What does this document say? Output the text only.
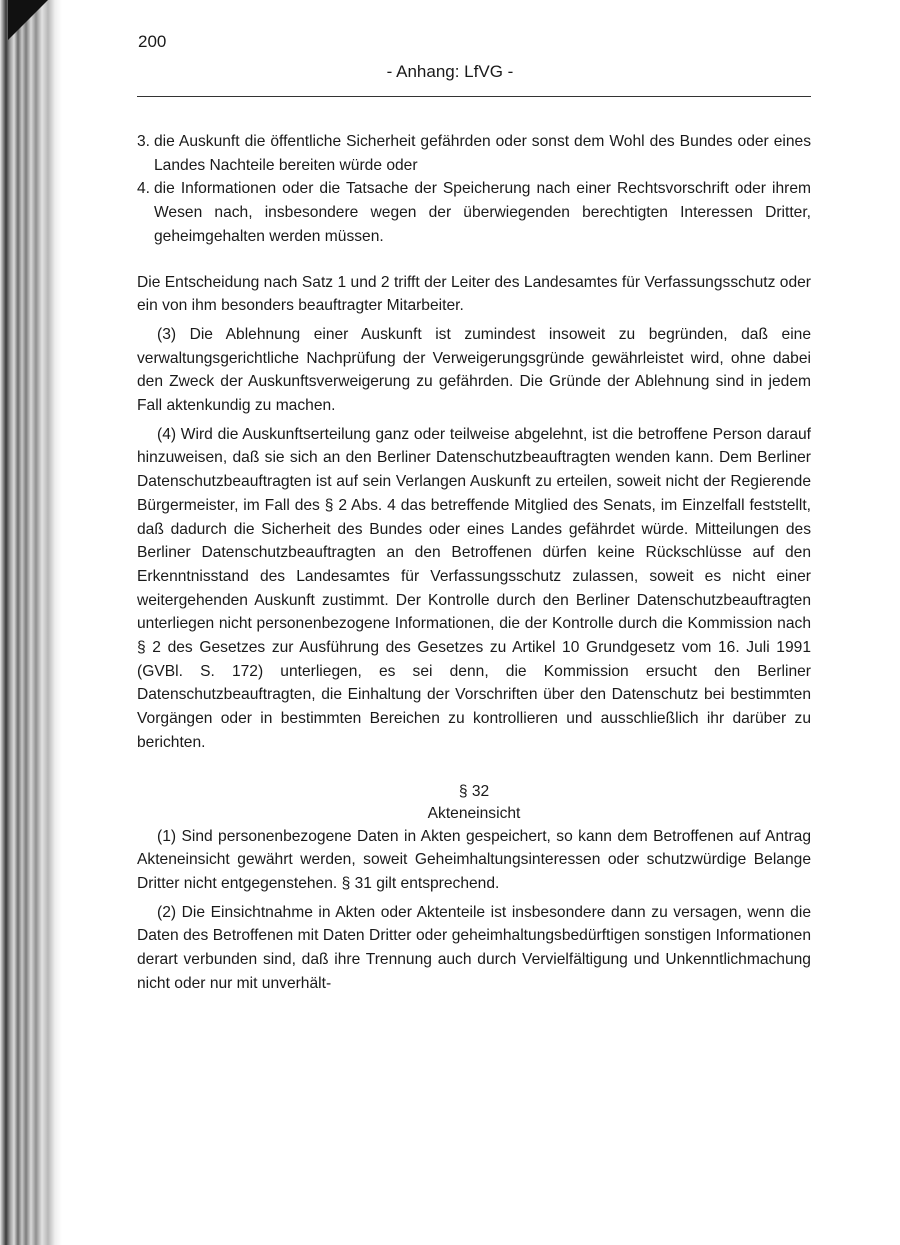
200
- Anhang: LfVG -

3. die Auskunft die öffentliche Sicherheit gefährden oder sonst dem Wohl des Bundes oder eines Landes Nachteile bereiten würde oder

4. die Informationen oder die Tatsache der Speicherung nach einer Rechtsvorschrift oder ihrem Wesen nach, insbesondere wegen der überwiegenden berechtigten Interessen Dritter, geheimgehalten werden müssen.

Die Entscheidung nach Satz 1 und 2 trifft der Leiter des Landesamtes für Verfassungsschutz oder ein von ihm besonders beauftragter Mitarbeiter.

(3) Die Ablehnung einer Auskunft ist zumindest insoweit zu begründen, daß eine verwaltungsgerichtliche Nachprüfung der Verweigerungsgründe gewährleistet wird, ohne dabei den Zweck der Auskunftsverweigerung zu gefährden. Die Gründe der Ablehnung sind in jedem Fall aktenkundig zu machen.

(4) Wird die Auskunftserteilung ganz oder teilweise abgelehnt, ist die betroffene Person darauf hinzuweisen, daß sie sich an den Berliner Datenschutzbeauftragten wenden kann. Dem Berliner Datenschutzbeauftragten ist auf sein Verlangen Auskunft zu erteilen, soweit nicht der Regierende Bürgermeister, im Fall des § 2 Abs. 4 das betreffende Mitglied des Senats, im Einzelfall feststellt, daß dadurch die Sicherheit des Bundes oder eines Landes gefährdet würde. Mitteilungen des Berliner Datenschutzbeauftragten an den Betroffenen dürfen keine Rückschlüsse auf den Erkenntnisstand des Landesamtes für Verfassungsschutz zulassen, soweit es nicht einer weitergehenden Auskunft zustimmt. Der Kontrolle durch den Berliner Datenschutzbeauftragten unterliegen nicht personenbezogene Informationen, die der Kontrolle durch die Kommission nach § 2 des Gesetzes zur Ausführung des Gesetzes zu Artikel 10 Grundgesetz vom 16. Juli 1991 (GVBl. S. 172) unterliegen, es sei denn, die Kommission ersucht den Berliner Datenschutzbeauftragten, die Einhaltung der Vorschriften über den Datenschutz bei bestimmten Vorgängen oder in bestimmten Bereichen zu kontrollieren und ausschließlich ihr darüber zu berichten.

§ 32

Akteneinsicht

(1) Sind personenbezogene Daten in Akten gespeichert, so kann dem Betroffenen auf Antrag Akteneinsicht gewährt werden, soweit Geheimhaltungsinteressen oder schutzwürdige Belange Dritter nicht entgegenstehen. § 31 gilt entsprechend.

(2) Die Einsichtnahme in Akten oder Aktenteile ist insbesondere dann zu versagen, wenn die Daten des Betroffenen mit Daten Dritter oder geheimhaltungsbedürftigen sonstigen Informationen derart verbunden sind, daß ihre Trennung auch durch Vervielfältigung und Unkenntlichmachung nicht oder nur mit unverhält-
